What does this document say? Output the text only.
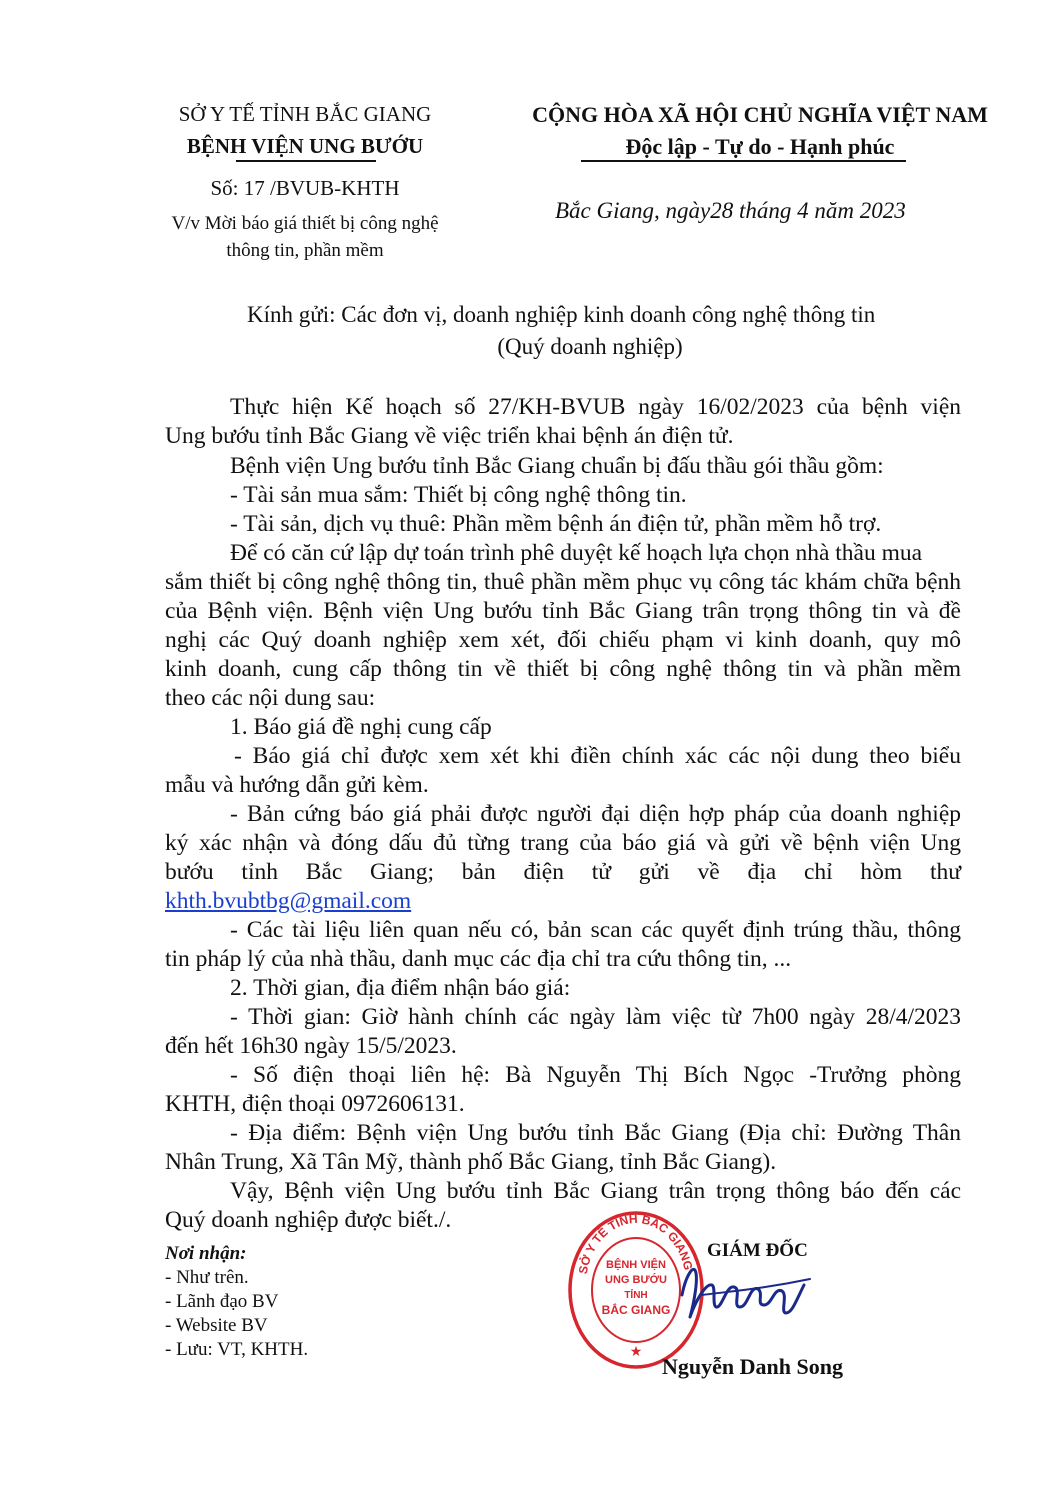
SỞ Y TẾ TỈNH BẮC GIANG
BỆNH VIỆN UNG BƯỚU
Số: 17 /BVUB-KHTH
V/v Mời báo giá thiết bị công nghệ
thông tin, phần mềm
CỘNG HÒA XÃ HỘI CHỦ NGHĨA VIỆT NAM
Độc lập - Tự do - Hạnh phúc
Bắc Giang, ngày28 tháng 4 năm 2023
Kính gửi: Các đơn vị, doanh nghiệp kinh doanh công nghệ thông tin
(Quý doanh nghiệp)
Thực hiện Kế hoạch số 27/KH-BVUB ngày 16/02/2023 của bệnh viện
Ung bướu tỉnh Bắc Giang về việc triển khai bệnh án điện tử.
Bệnh viện Ung bướu tỉnh Bắc Giang chuẩn bị đấu thầu gói thầu gồm:
- Tài sản mua sắm: Thiết bị công nghệ thông tin.
- Tài sản, dịch vụ thuê: Phần mềm bệnh án điện tử, phần mềm hỗ trợ.
Để có căn cứ lập dự toán trình phê duyệt kế hoạch lựa chọn nhà thầu mua
sắm thiết bị công nghệ thông tin, thuê phần mềm phục vụ công tác khám chữa bệnh
của Bệnh viện. Bệnh viện Ung bướu tỉnh Bắc Giang trân trọng thông tin và đề
nghị các Quý doanh nghiệp xem xét, đối chiếu phạm vi kinh doanh, quy mô
kinh doanh, cung cấp thông tin về thiết bị công nghệ thông tin và phần mềm
theo các nội dung sau:
1. Báo giá đề nghị cung cấp
- Báo giá chỉ được xem xét khi điền chính xác các nội dung theo biểu
mẫu và hướng dẫn gửi kèm.
- Bản cứng báo giá phải được người đại diện hợp pháp của doanh nghiệp
ký xác nhận và đóng dấu đủ từng trang của báo giá và gửi về bệnh viện Ung
bướu tỉnh Bắc Giang; bản điện tử gửi về địa chỉ hòm thư
khth.bvubtbg@gmail.com
- Các tài liệu liên quan nếu có, bản scan các quyết định trúng thầu, thông
tin pháp lý của nhà thầu, danh mục các địa chỉ tra cứu thông tin, ...
2. Thời gian, địa điểm nhận báo giá:
- Thời gian: Giờ hành chính các ngày làm việc từ 7h00 ngày 28/4/2023
đến hết 16h30 ngày 15/5/2023.
- Số điện thoại liên hệ: Bà Nguyễn Thị Bích Ngọc -Trưởng phòng
KHTH, điện thoại 0972606131.
- Địa điểm: Bệnh viện Ung bướu tỉnh Bắc Giang (Địa chỉ: Đường Thân
Nhân Trung, Xã Tân Mỹ, thành phố Bắc Giang, tỉnh Bắc Giang).
Vậy, Bệnh viện Ung bướu tỉnh Bắc Giang trân trọng thông báo đến các
Quý doanh nghiệp được biết./.
Nơi nhận:
- Như trên.
- Lãnh đạo BV
- Website BV
- Lưu: VT, KHTH.
SỞ Y TẾ TỈNH BẮC GIANG
BỆNH VIỆN
UNG BƯỚU
TỈNH
BẮC GIANG
★
GIÁM ĐỐC
Nguyễn Danh Song
